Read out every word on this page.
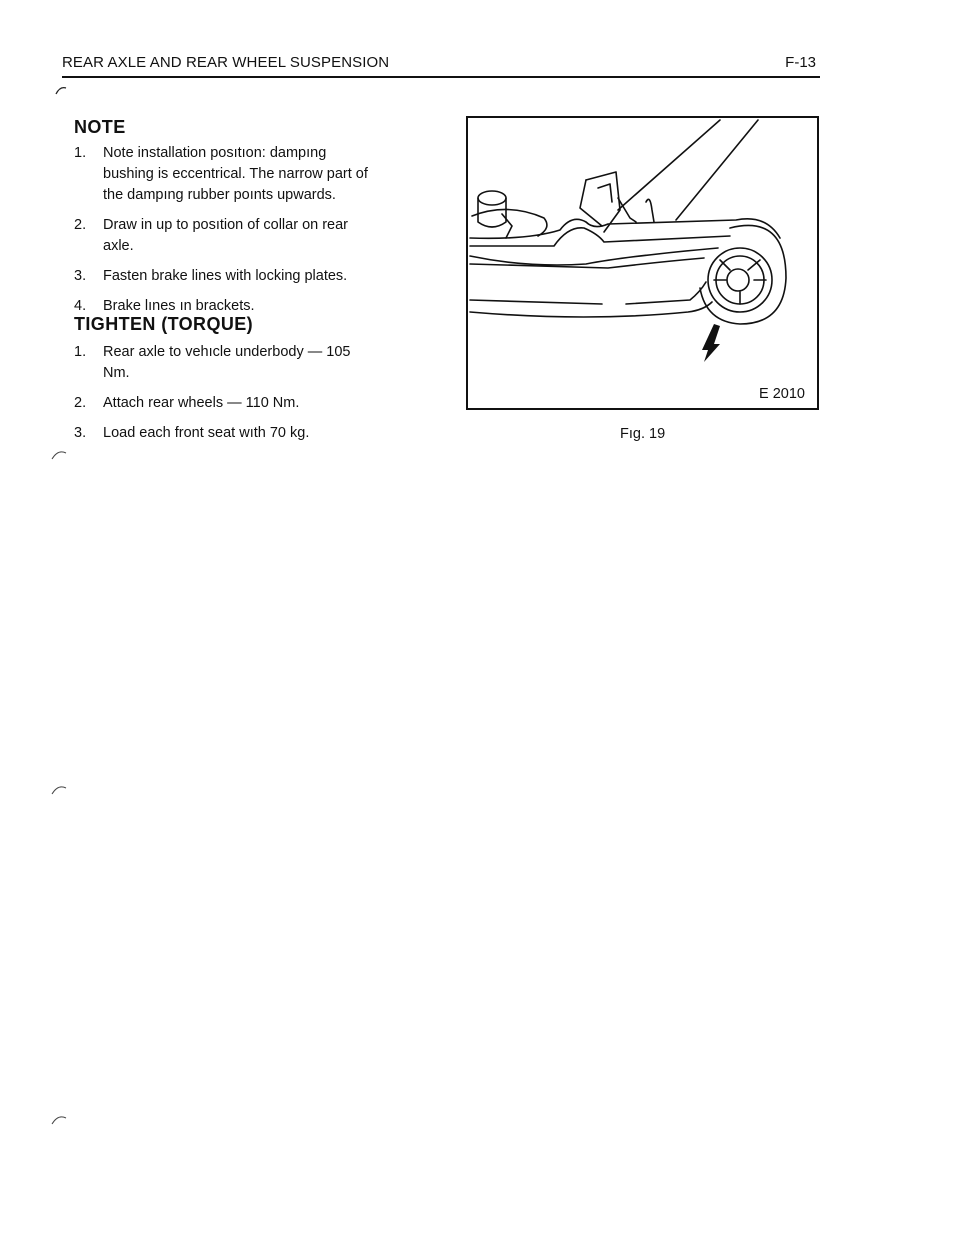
REAR AXLE AND REAR WHEEL SUSPENSION	F-13
NOTE
1. Note installation posıtıon: dampıng bushing is eccentrical. The narrow part of the dampıng rubber poınts upwards.
2. Draw in up to posıtion of collar on rear axle.
3. Fasten brake lines with locking plates.
4. Brake lınes ın brackets.
TIGHTEN (TORQUE)
1. Rear axle to vehıcle underbody — 105 Nm.
2. Attach rear wheels — 110 Nm.
3. Load each front seat wıth 70 kg.
E 2010
Fıg. 19
